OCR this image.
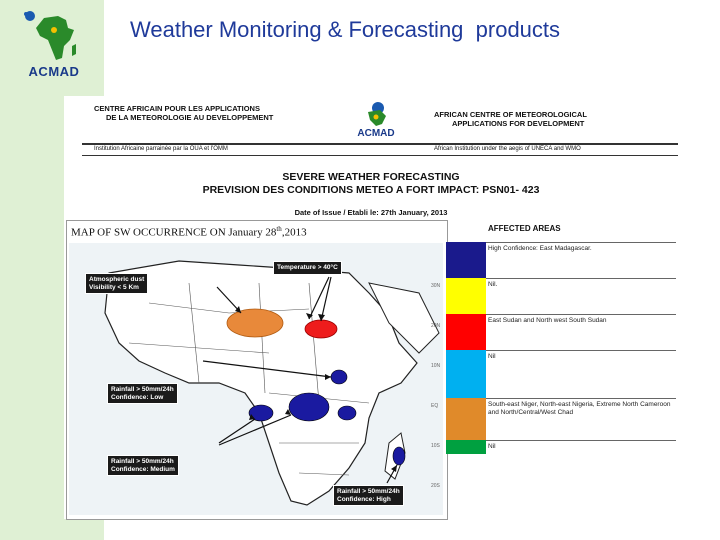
ACMAD
Weather Monitoring & Forecasting  products
CENTRE AFRICAIN POUR LES APPLICATIONS
DE LA METEOROLOGIE AU DEVELOPPEMENT
ACMAD
AFRICAN CENTRE OF METEOROLOGICAL
APPLICATIONS FOR DEVELOPMENT
Institution Africaine parrainée par la OUA et l'OMM	African Institution under the aegis of UNECA and WMO
SEVERE WEATHER FORECASTING
PREVISION DES CONDITIONS METEO A FORT IMPACT: PSN01- 423
Date of Issue / Etabli le: 27th January, 2013
MAP OF SW OCCURRENCE ON January 28th,2013
30N
20N
10N
EQ
10S
20S
Temperature > 40°C
Atmospheric dust
Visibility < 5 Km
Rainfall > 50mm/24h
Confidence: Low
Rainfall > 50mm/24h
Confidence: Medium
Rainfall > 50mm/24h
Confidence: High
AFFECTED AREAS
High Confidence: East Madagascar.
Nil.
East Sudan and North west South Sudan
Nil
South-east Niger, North-east Nigeria, Extreme North Cameroon and North/Central/West Chad
Nil
